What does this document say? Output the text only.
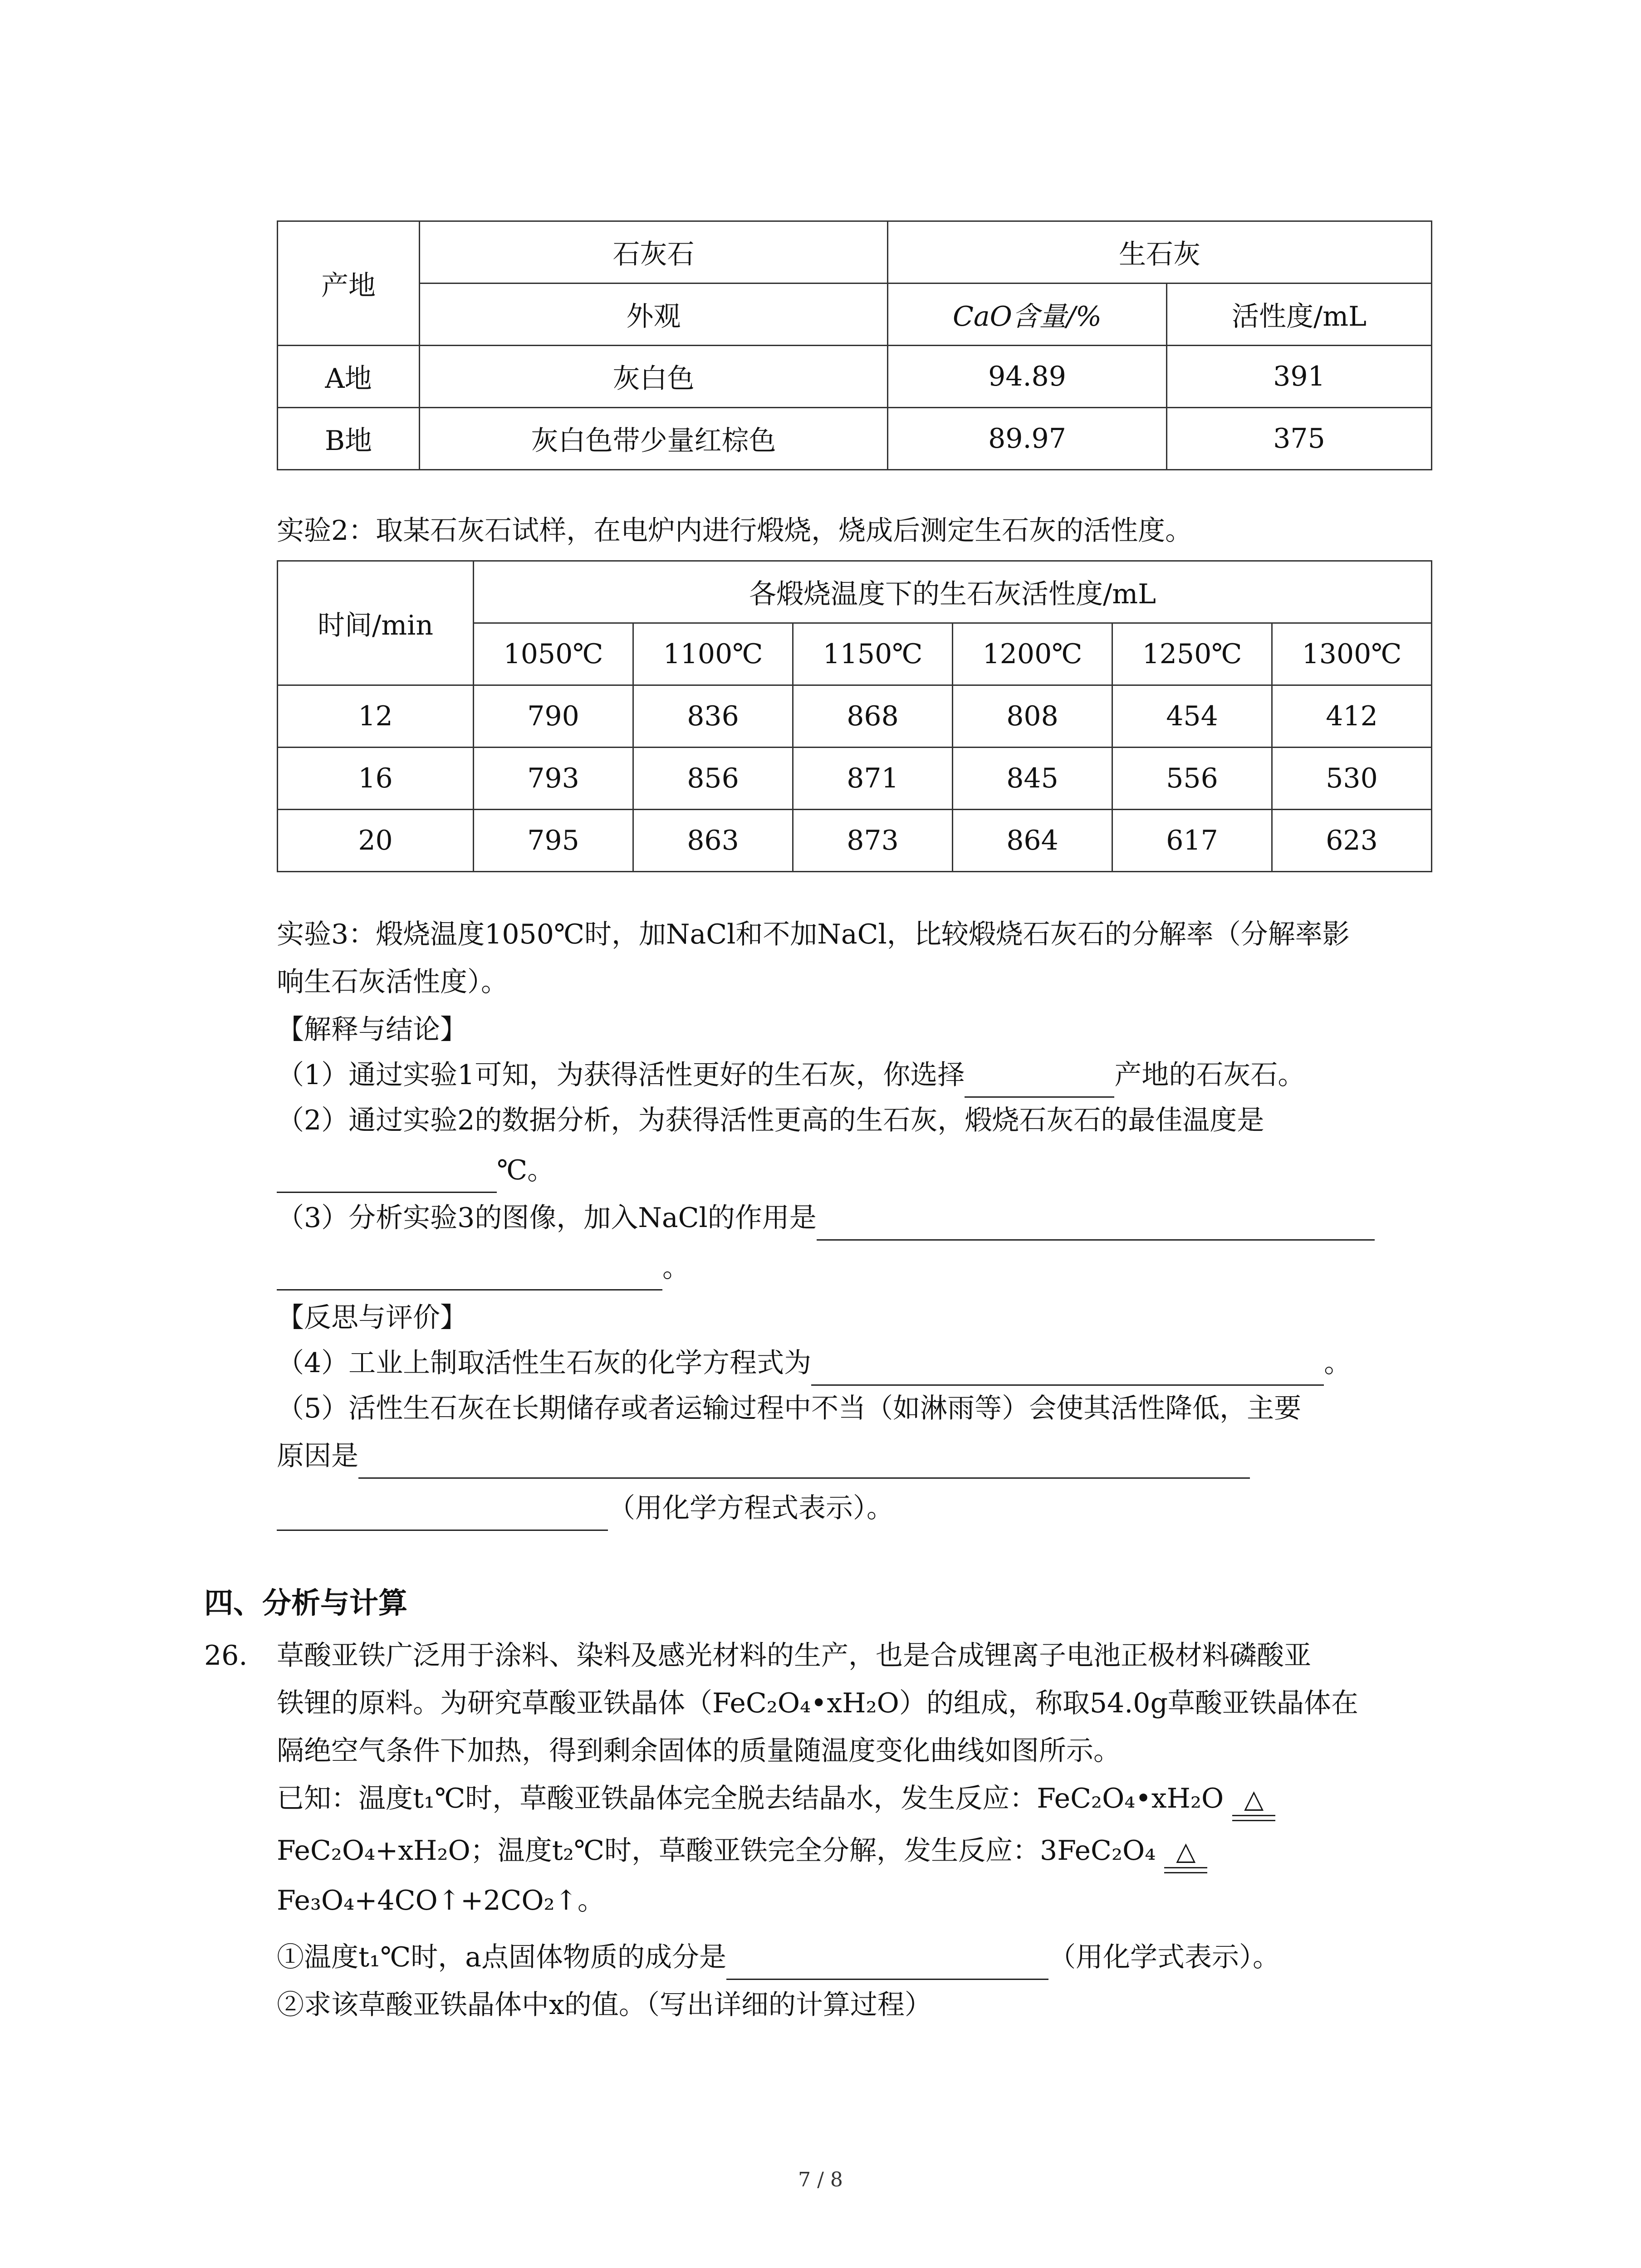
产地	石灰石	生石灰	
	外观	CaO含量/%	活性度/mL
A地	灰白色	94.89	391
B地	灰白色带少量红棕色	89.97	375
实验2：取某石灰石试样，在电炉内进行煅烧，烧成后测定生石灰的活性度。
时间/min	各煅烧温度下的生石灰活性度/mL					
	1050℃	1100℃	1150℃	1200℃	1250℃	1300℃
12	790	836	868	808	454	412
16	793	856	871	845	556	530
20	795	863	873	864	617	623
实验3：煅烧温度1050℃时，加NaCl和不加NaCl，比较煅烧石灰石的分解率（分解率影
响生石灰活性度）。
【解释与结论】
（1）通过实验1可知，为获得活性更好的生石灰，你选择	产地的石灰石。
（2）通过实验2的数据分析，为获得活性更高的生石灰，煅烧石灰石的最佳温度是
℃。
（3）分析实验3的图像，加入NaCl的作用是
。
【反思与评价】
（4）工业上制取活性生石灰的化学方程式为	。
（5）活性生石灰在长期储存或者运输过程中不当（如淋雨等）会使其活性降低，主要
原因是
（用化学方程式表示）。
四、分析与计算
26. 草酸亚铁广泛用于涂料、染料及感光材料的生产，也是合成锂离子电池正极材料磷酸亚
铁锂的原料。为研究草酸亚铁晶体（FeC₂O₄•xH₂O）的组成，称取54.0g草酸亚铁晶体在
隔绝空气条件下加热，得到剩余固体的质量随温度变化曲线如图所示。
已知：温度t₁℃时，草酸亚铁晶体完全脱去结晶水，发生反应：FeC₂O₄•xH₂O △
FeC₂O₄+xH₂O；温度t₂℃时，草酸亚铁完全分解，发生反应：3FeC₂O₄ △
Fe₃O₄+4CO↑+2CO₂↑。
①温度t₁℃时，a点固体物质的成分是	（用化学式表示）。
②求该草酸亚铁晶体中x的值。（写出详细的计算过程）
7 / 8
